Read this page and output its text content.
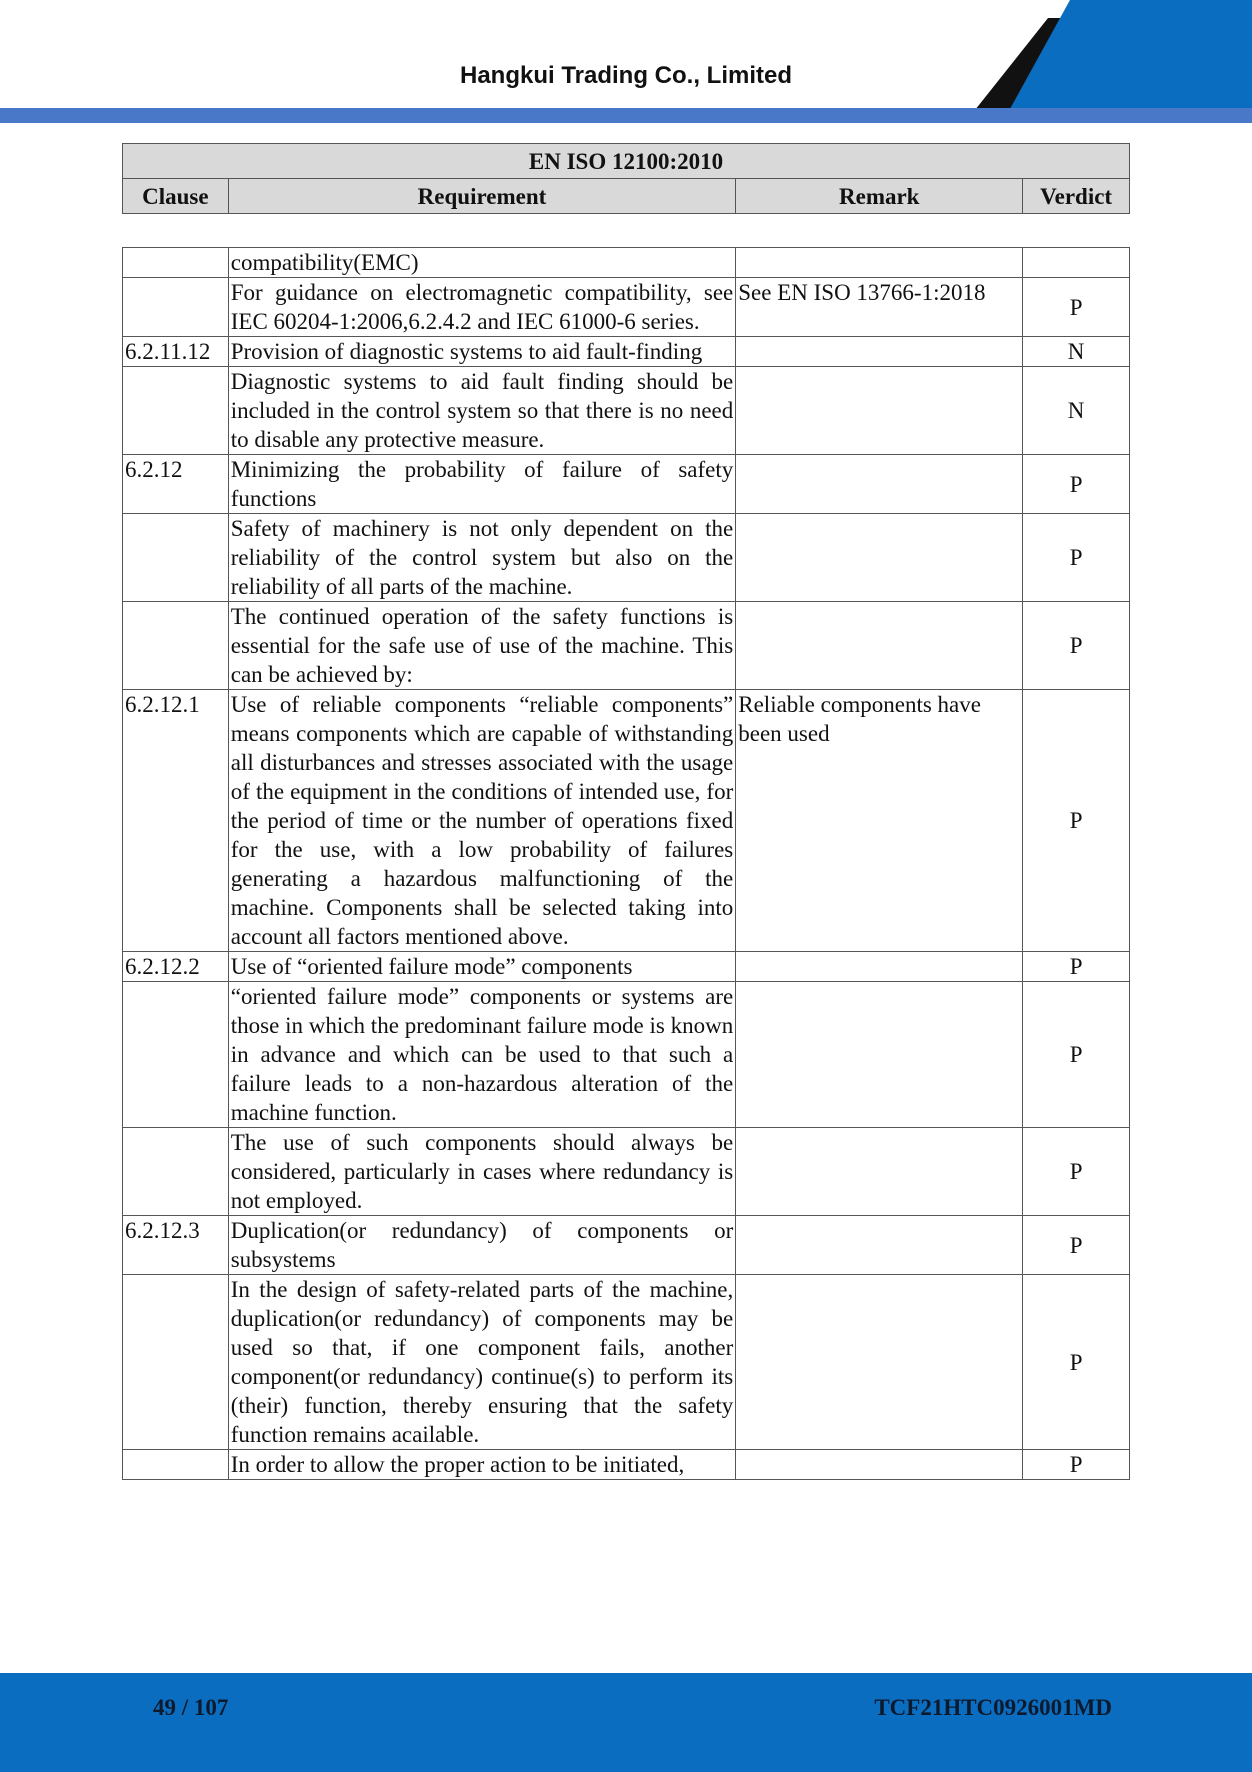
Hangkui Trading Co., Limited
EN ISO 12100:2010
Clause	Requirement	Remark	Verdict
	compatibility(EMC)		
	For guidance on electromagnetic compatibility, see IEC 60204-1:2006,6.2.4.2 and IEC 61000-6 series.	See EN ISO 13766-1:2018	P
6.2.11.12	Provision of diagnostic systems to aid fault-finding		N
	Diagnostic systems to aid fault finding should be included in the control system so that there is no need to disable any protective measure.		N
6.2.12	Minimizing the probability of failure of safety functions		P
	Safety of machinery is not only dependent on the reliability of the control system but also on the reliability of all parts of the machine.		P
	The continued operation of the safety functions is essential for the safe use of use of the machine. This can be achieved by:		P
6.2.12.1	Use of reliable components “reliable components” means components which are capable of withstanding all disturbances and stresses associated with the usage of the equipment in the conditions of intended use, for the period of time or the number of operations fixed for the use, with a low probability of failures generating a hazardous malfunctioning of the machine. Components shall be selected taking into account all factors mentioned above.	Reliable components have been used	P
6.2.12.2	Use of “oriented failure mode” components		P
	“oriented failure mode” components or systems are those in which the predominant failure mode is known in advance and which can be used to that such a failure leads to a non-hazardous alteration of the machine function.		P
	The use of such components should always be considered, particularly in cases where redundancy is not employed.		P
6.2.12.3	Duplication(or redundancy) of components or subsystems		P
	In the design of safety-related parts of the machine, duplication(or redundancy) of components may be used so that, if one component fails, another component(or redundancy) continue(s) to perform its (their) function, thereby ensuring that the safety function remains acailable.		P
	In order to allow the proper action to be initiated,		P
49 / 107	TCF21HTC0926001MD
